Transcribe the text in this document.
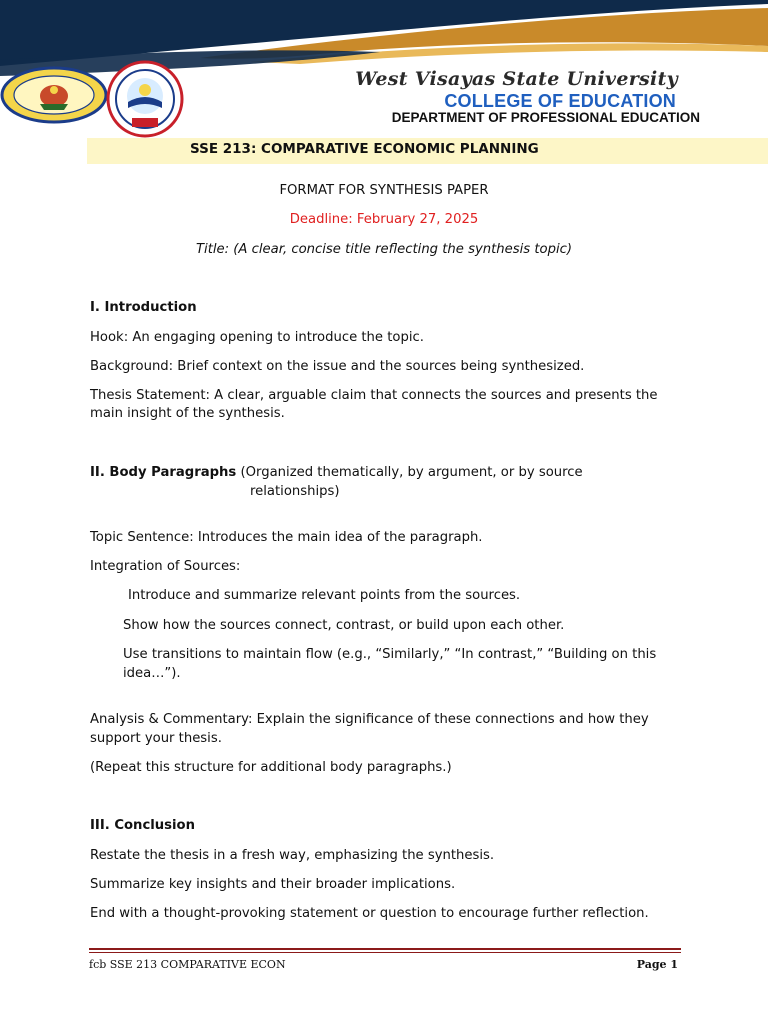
West Visayas State University
COLLEGE OF EDUCATION
DEPARTMENT OF PROFESSIONAL EDUCATION
SSE 213: COMPARATIVE ECONOMIC PLANNING
FORMAT FOR SYNTHESIS PAPER
Deadline: February 27, 2025
Title: (A clear, concise title reflecting the synthesis topic)
I. Introduction
Hook: An engaging opening to introduce the topic.
Background: Brief context on the issue and the sources being synthesized.
Thesis Statement: A clear, arguable claim that connects the sources and presents the
main insight of the synthesis.
II. Body Paragraphs (Organized thematically, by argument, or by source
relationships)
Topic Sentence: Introduces the main idea of the paragraph.
Integration of Sources:
Introduce and summarize relevant points from the sources.
Show how the sources connect, contrast, or build upon each other.
Use transitions to maintain flow (e.g., “Similarly,” “In contrast,” “Building on this
idea…”).
Analysis & Commentary: Explain the significance of these connections and how they
support your thesis.
(Repeat this structure for additional body paragraphs.)
III. Conclusion
Restate the thesis in a fresh way, emphasizing the synthesis.
Summarize key insights and their broader implications.
End with a thought-provoking statement or question to encourage further reflection.
fcb SSE 213 COMPARATIVE ECON	Page 1
